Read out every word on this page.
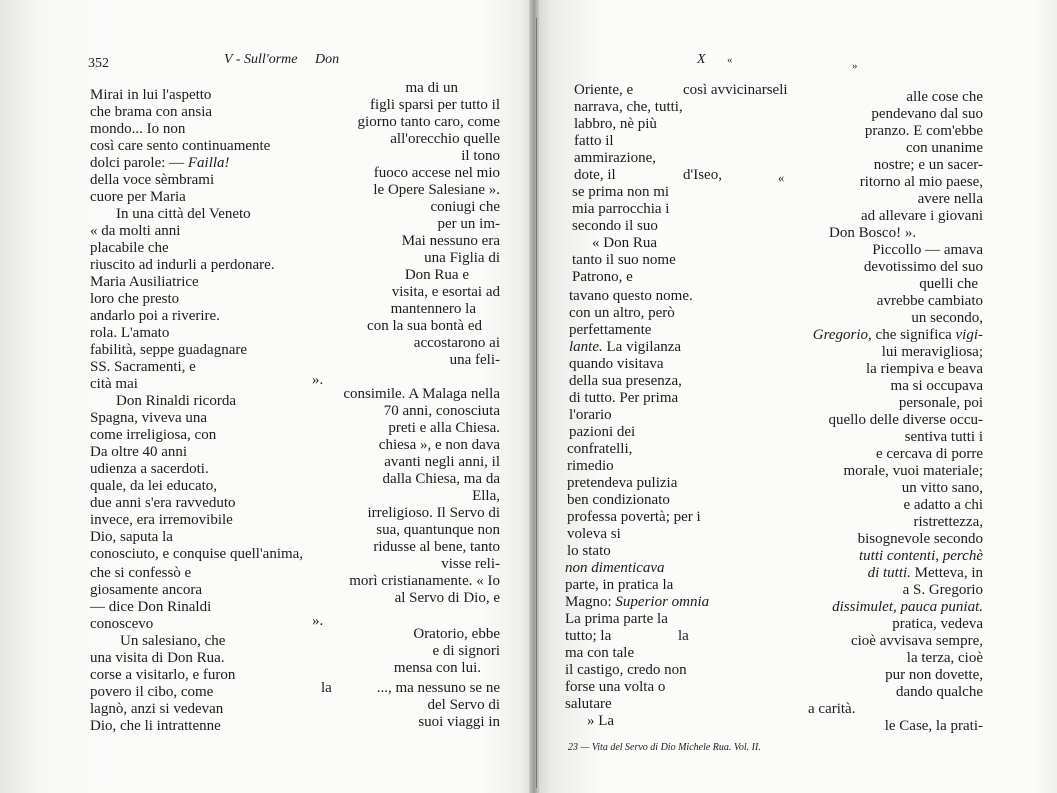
352	V - Sull'orme Don
Mirai in lui l'aspetto
che brama con ansia
mondo... Io non
così care sento continuamente
dolci parole: — Failla!
della voce sèmbrami
cuore per Maria
In una città del Veneto
« da molti anni
placabile che
riuscito ad indurli a perdonare.
Maria Ausiliatrice
loro che presto
andarlo poi a riverire.
rola. L'amato
fabilità, seppe guadagnare
SS. Sacramenti, e
cità mai
Don Rinaldi ricorda
Spagna, viveva una
come irreligiosa, con
Da oltre 40 anni
udienza a sacerdoti.
quale, da lei educato,
due anni s'era ravveduto
invece, era irremovibile
Dio, saputa la
conosciuto, e conquise quell'anima,
che si confessò e
giosamente ancora
— dice Don Rinaldi
conoscevo
Un salesiano, che
una visita di Don Rua.
corse a visitarlo, e furon
povero il cibo, come
lagnò, anzi si vedevan
Dio, che li intrattenne
ma di un
figli sparsi per tutto il
giorno tanto caro, come
all'orecchio quelle
il tono
fuoco accese nel mio
le Opere Salesiane ».
coniugi che
per un im-
Mai nessuno era
una Figlia di
Don Rua e
visita, e esortai ad
mantennero la
con la sua bontà ed
accostarono ai
una feli-
».
consimile. A Malaga nella
70 anni, conosciuta
preti e alla Chiesa.
chiesa », e non dava
avanti negli anni, il
dalla Chiesa, ma da
Ella,
irreligioso. Il Servo di
sua, quantunque non
ridusse al bene, tanto
visse reli-
morì cristianamente. « Io
al Servo di Dio, e
».
Oratorio, ebbe
e di signori
mensa con lui.
la	..., ma nessuno se ne
del Servo di
suoi viaggi in
X «	»
Oriente, e	così avvicinarseli
narrava, che, tutti,
labbro, nè più
fatto il
ammirazione,
dote, il	d'Iseo,	«
se prima non mi
mia parrocchia i
secondo il suo
« Don Rua
tanto il suo nome
Patrono, e
tavano questo nome.
con un altro, però
perfettamente
lante. La vigilanza
quando visitava
della sua presenza,
di tutto. Per prima
l'orario
pazioni dei
confratelli,
rimedio
pretendeva pulizia
ben condizionato
professa povertà; per i
voleva si
lo stato
non dimenticava
parte, in pratica la
Magno: Superior omnia
La prima parte la
tutto; la	la
ma con tale
il castigo, credo non
forse una volta o
salutare
» La
alle cose che
pendevano dal suo
pranzo. E com'ebbe
con unanime
nostre; e un sacer-
ritorno al mio paese,
avere nella
ad allevare i giovani
Don Bosco! ».
Piccollo — amava
devotissimo del suo
quelli che
avrebbe cambiato
un secondo,
Gregorio, che significa vigi-
lui meravigliosa;
la riempiva e beava
ma si occupava
personale, poi
quello delle diverse occu-
sentiva tutti i
e cercava di porre
morale, vuoi materiale;
un vitto sano,
e adatto a chi
ristrettezza,
bisognevole secondo
tutti contenti, perchè
di tutti. Metteva, in
a S. Gregorio
dissimulet, pauca puniat.
pratica, vedeva
cioè avvisava sempre,
la terza, cioè
pur non dovette,
dando qualche
a carità.
le Case, la prati-
23 — Vita del Servo di Dio Michele Rua. Vol. II.
